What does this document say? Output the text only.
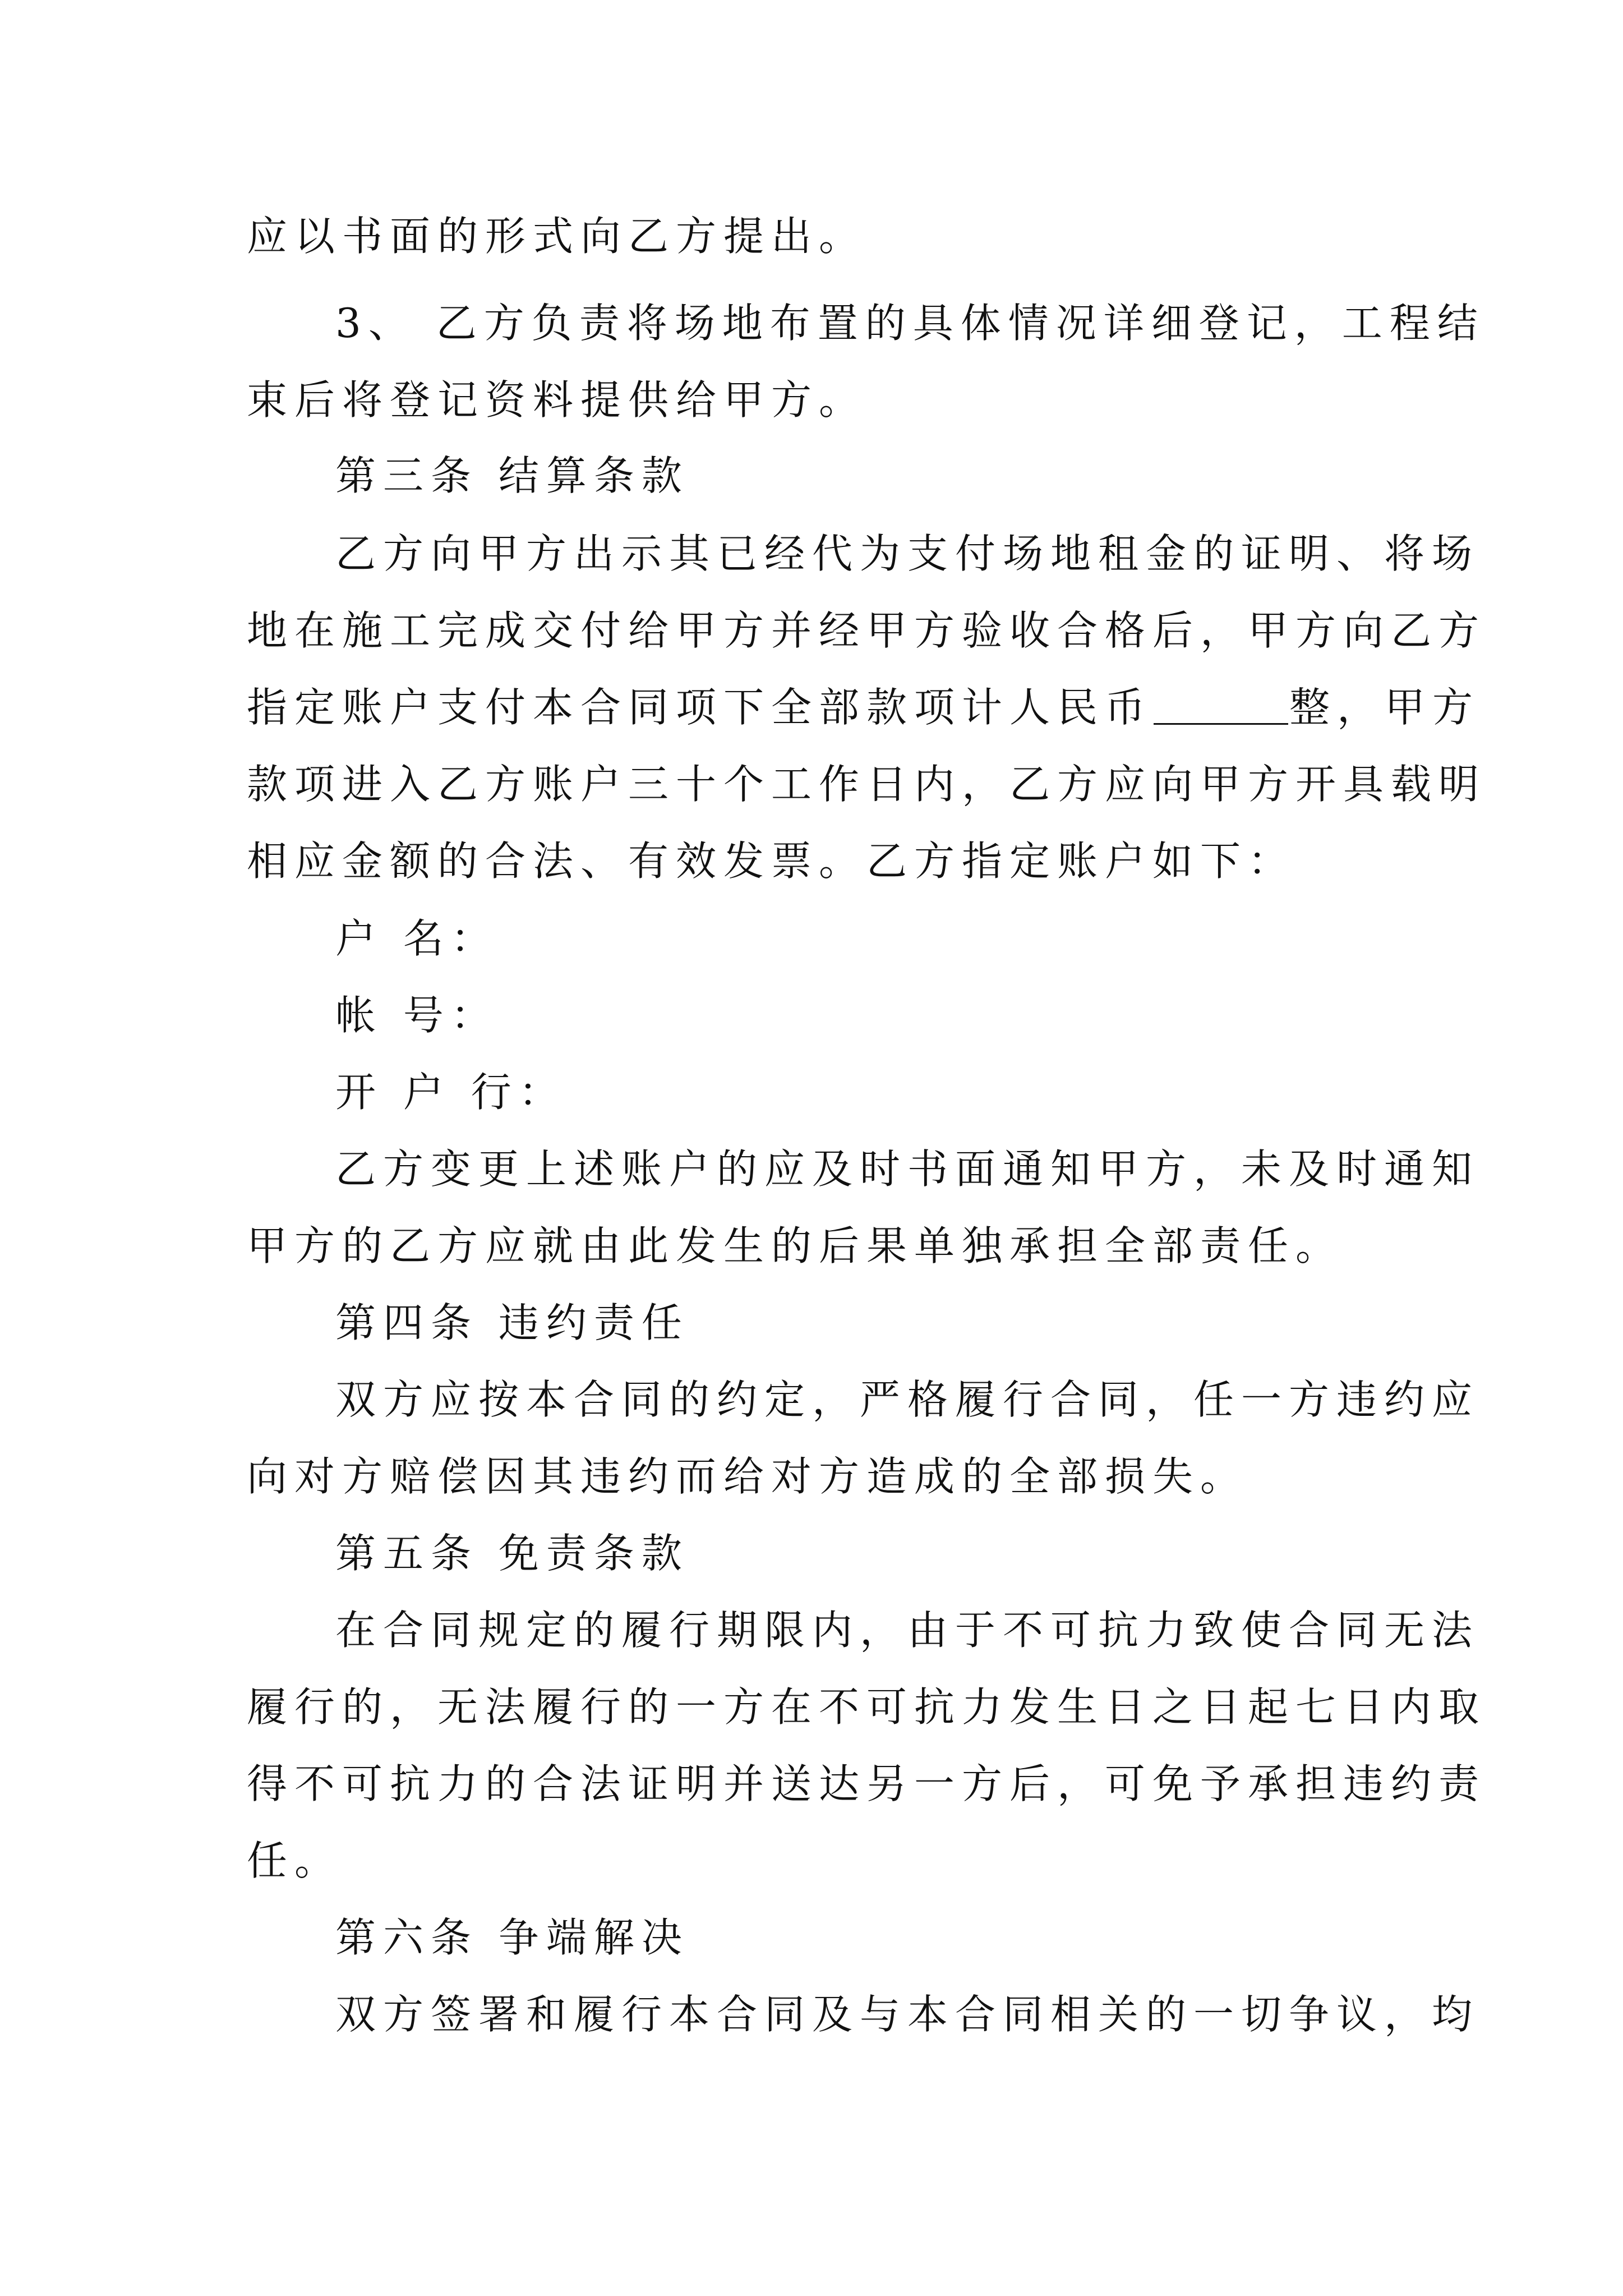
应以书面的形式向乙方提出。
3、 乙方负责将场地布置的具体情况详细登记，工程结
束后将登记资料提供给甲方。
第三条 结算条款
乙方向甲方出示其已经代为支付场地租金的证明、将场
地在施工完成交付给甲方并经甲方验收合格后，甲方向乙方
指定账户支付本合同项下全部款项计人民币	整，甲方
款项进入乙方账户三十个工作日内，乙方应向甲方开具载明
相应金额的合法、有效发票。乙方指定账户如下：
户 名：
帐 号：
开 户 行：
乙方变更上述账户的应及时书面通知甲方，未及时通知
甲方的乙方应就由此发生的后果单独承担全部责任。
第四条 违约责任
双方应按本合同的约定，严格履行合同，任一方违约应
向对方赔偿因其违约而给对方造成的全部损失。
第五条 免责条款
在合同规定的履行期限内，由于不可抗力致使合同无法
履行的，无法履行的一方在不可抗力发生日之日起七日内取
得不可抗力的合法证明并送达另一方后，可免予承担违约责
任。
第六条 争端解决
双方签署和履行本合同及与本合同相关的一切争议，均
